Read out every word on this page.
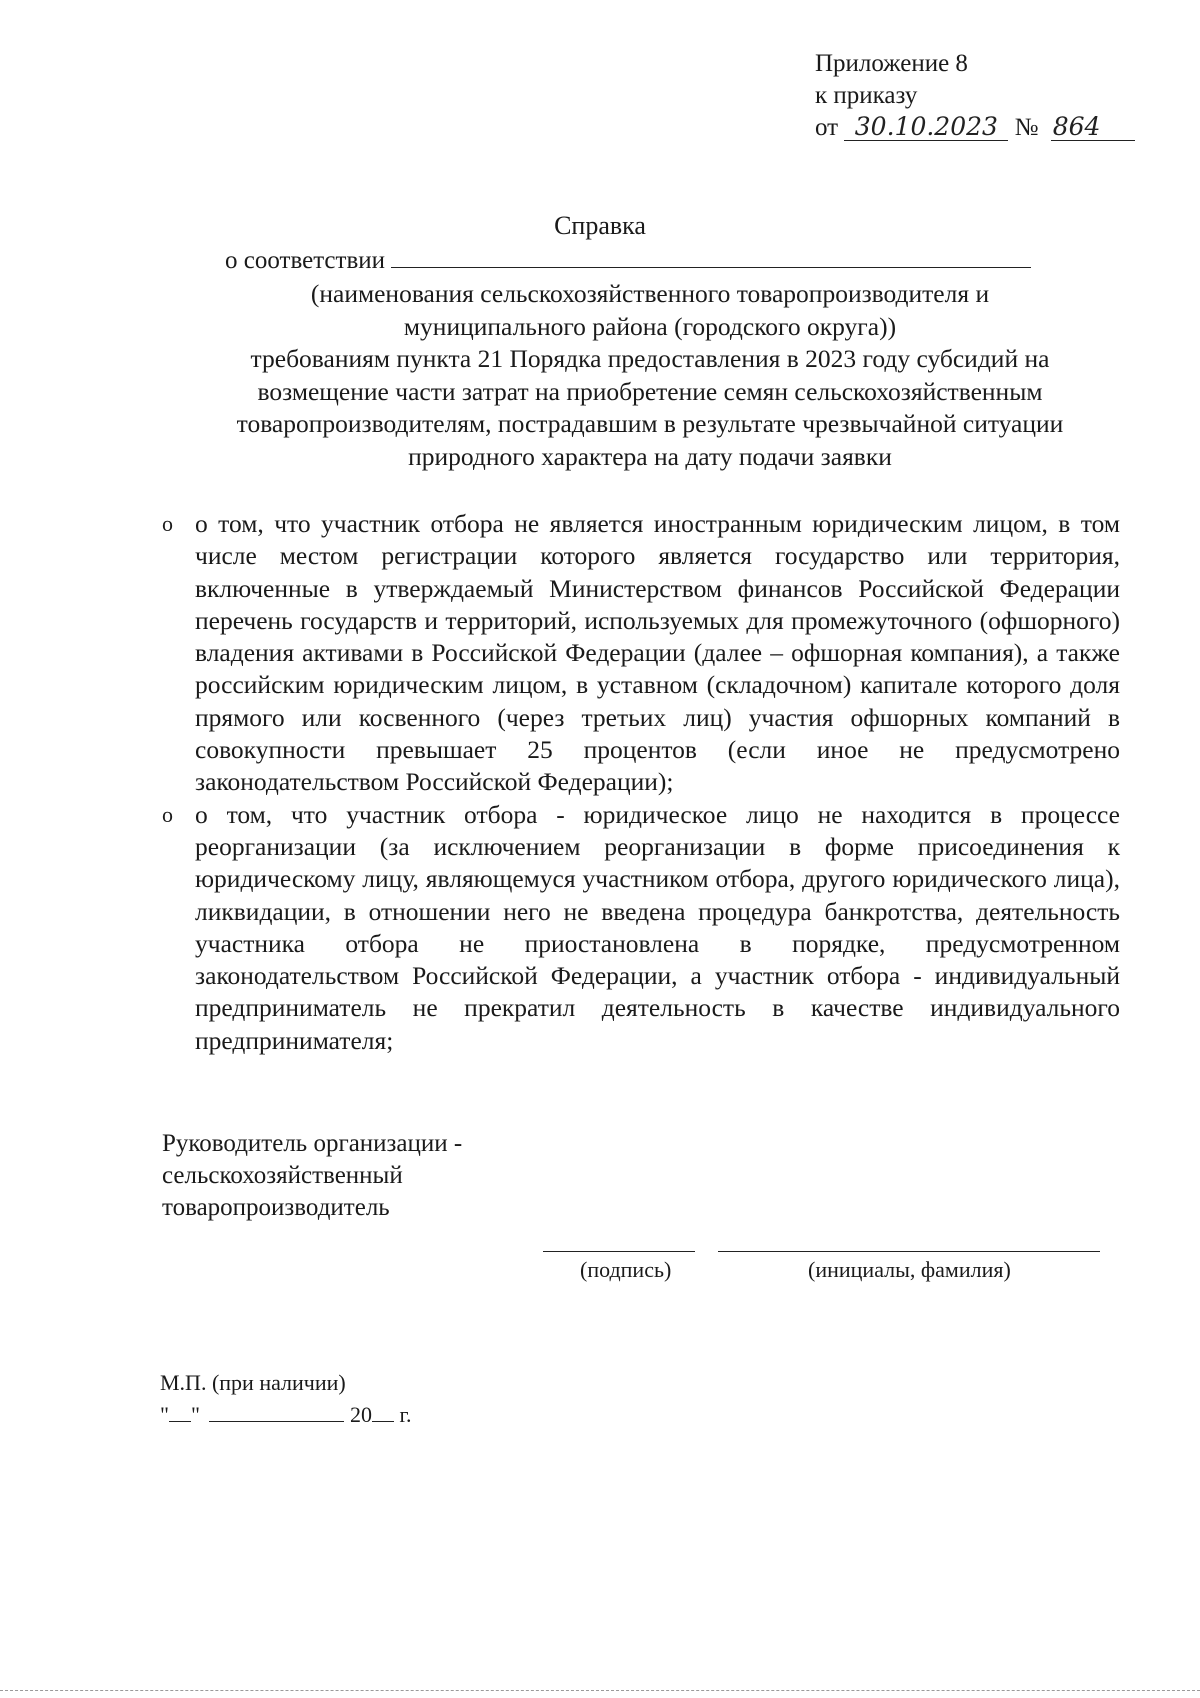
Приложение 8
к приказу
от 30.10.2023 № 864
Справка
о соответствии

(наименования сельскохозяйственного товаропроизводителя и

муниципального района (городского округа))

требованиям пункта 21 Порядка предоставления в 2023 году субсидий на

возмещение части затрат на приобретение семян сельскохозяйственным

товаропроизводителям, пострадавшим в результате чрезвычайной ситуации

природного характера на дату подачи заявки

o о том, что участник отбора не является иностранным юридическим лицом, в том числе местом регистрации которого является государство или территория, включенные в утверждаемый Министерством финансов Российской Федерации перечень государств и территорий, используемых для промежуточного (офшорного) владения активами в Российской Федерации (далее – офшорная компания), а также российским юридическим лицом, в уставном (складочном) капитале которого доля прямого или косвенного (через третьих лиц) участия офшорных компаний в совокупности превышает 25 процентов (если иное не предусмотрено законодательством Российской Федерации);

o о том, что участник отбора - юридическое лицо не находится в процессе реорганизации (за исключением реорганизации в форме присоединения к юридическому лицу, являющемуся участником отбора, другого юридического лица), ликвидации, в отношении него не введена процедура банкротства, деятельность участника отбора не приостановлена в порядке, предусмотренном законодательством Российской Федерации, а участник отбора - индивидуальный предприниматель не прекратил деятельность в качестве индивидуального предпринимателя;

Руководитель организации -
сельскохозяйственный
товаропроизводитель
(подпись)	(инициалы, фамилия)
М.П. (при наличии)
" "	20 г.
